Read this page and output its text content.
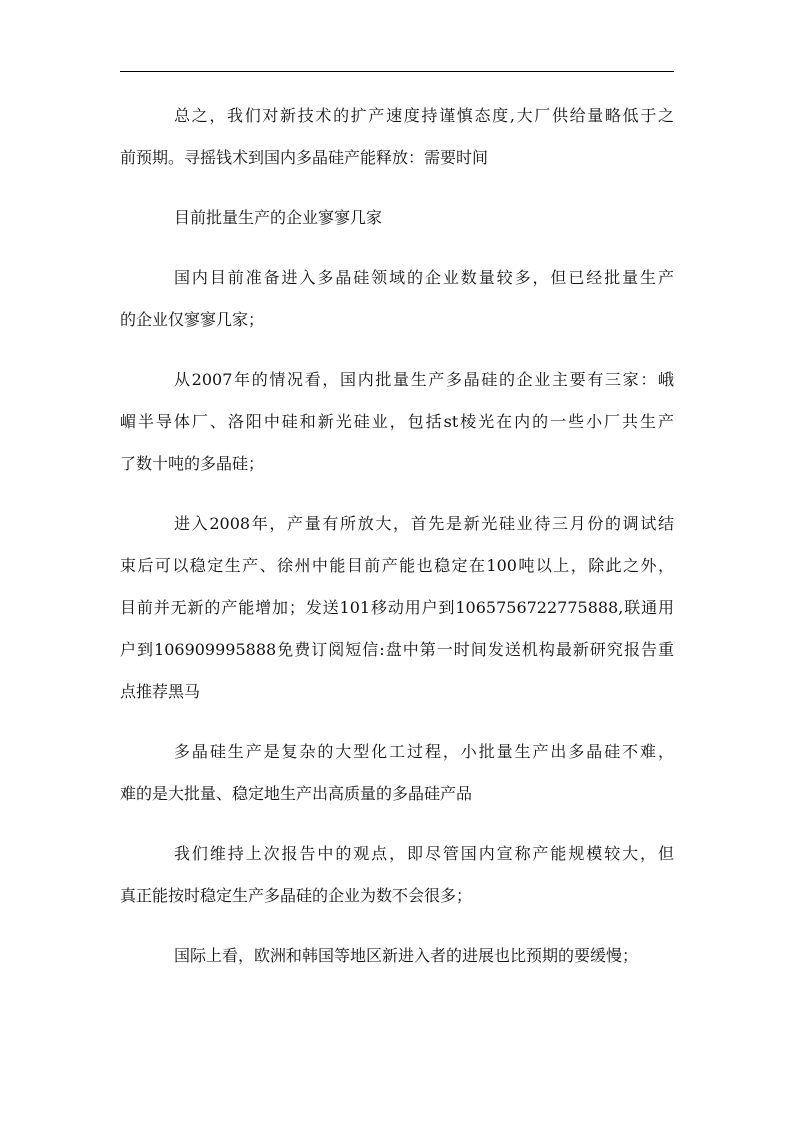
总之，我们对新技术的扩产速度持谨慎态度,大厂供给量略低于之
前预期。寻摇钱术到国内多晶硅产能释放：需要时间
目前批量生产的企业寥寥几家
国内目前准备进入多晶硅领域的企业数量较多，但已经批量生产
的企业仅寥寥几家；
从2007年的情况看，国内批量生产多晶硅的企业主要有三家：峨
嵋半导体厂、洛阳中硅和新光硅业，包括st棱光在内的一些小厂共生产
了数十吨的多晶硅；
进入2008年，产量有所放大，首先是新光硅业待三月份的调试结
束后可以稳定生产、徐州中能目前产能也稳定在100吨以上，除此之外，
目前并无新的产能增加；发送101移动用户到1065756722775888,联通用
户到106909995888免费订阅短信:盘中第一时间发送机构最新研究报告重
点推荐黑马
多晶硅生产是复杂的大型化工过程，小批量生产出多晶硅不难，
难的是大批量、稳定地生产出高质量的多晶硅产品
我们维持上次报告中的观点，即尽管国内宣称产能规模较大，但
真正能按时稳定生产多晶硅的企业为数不会很多；
国际上看，欧洲和韩国等地区新进入者的进展也比预期的要缓慢；
